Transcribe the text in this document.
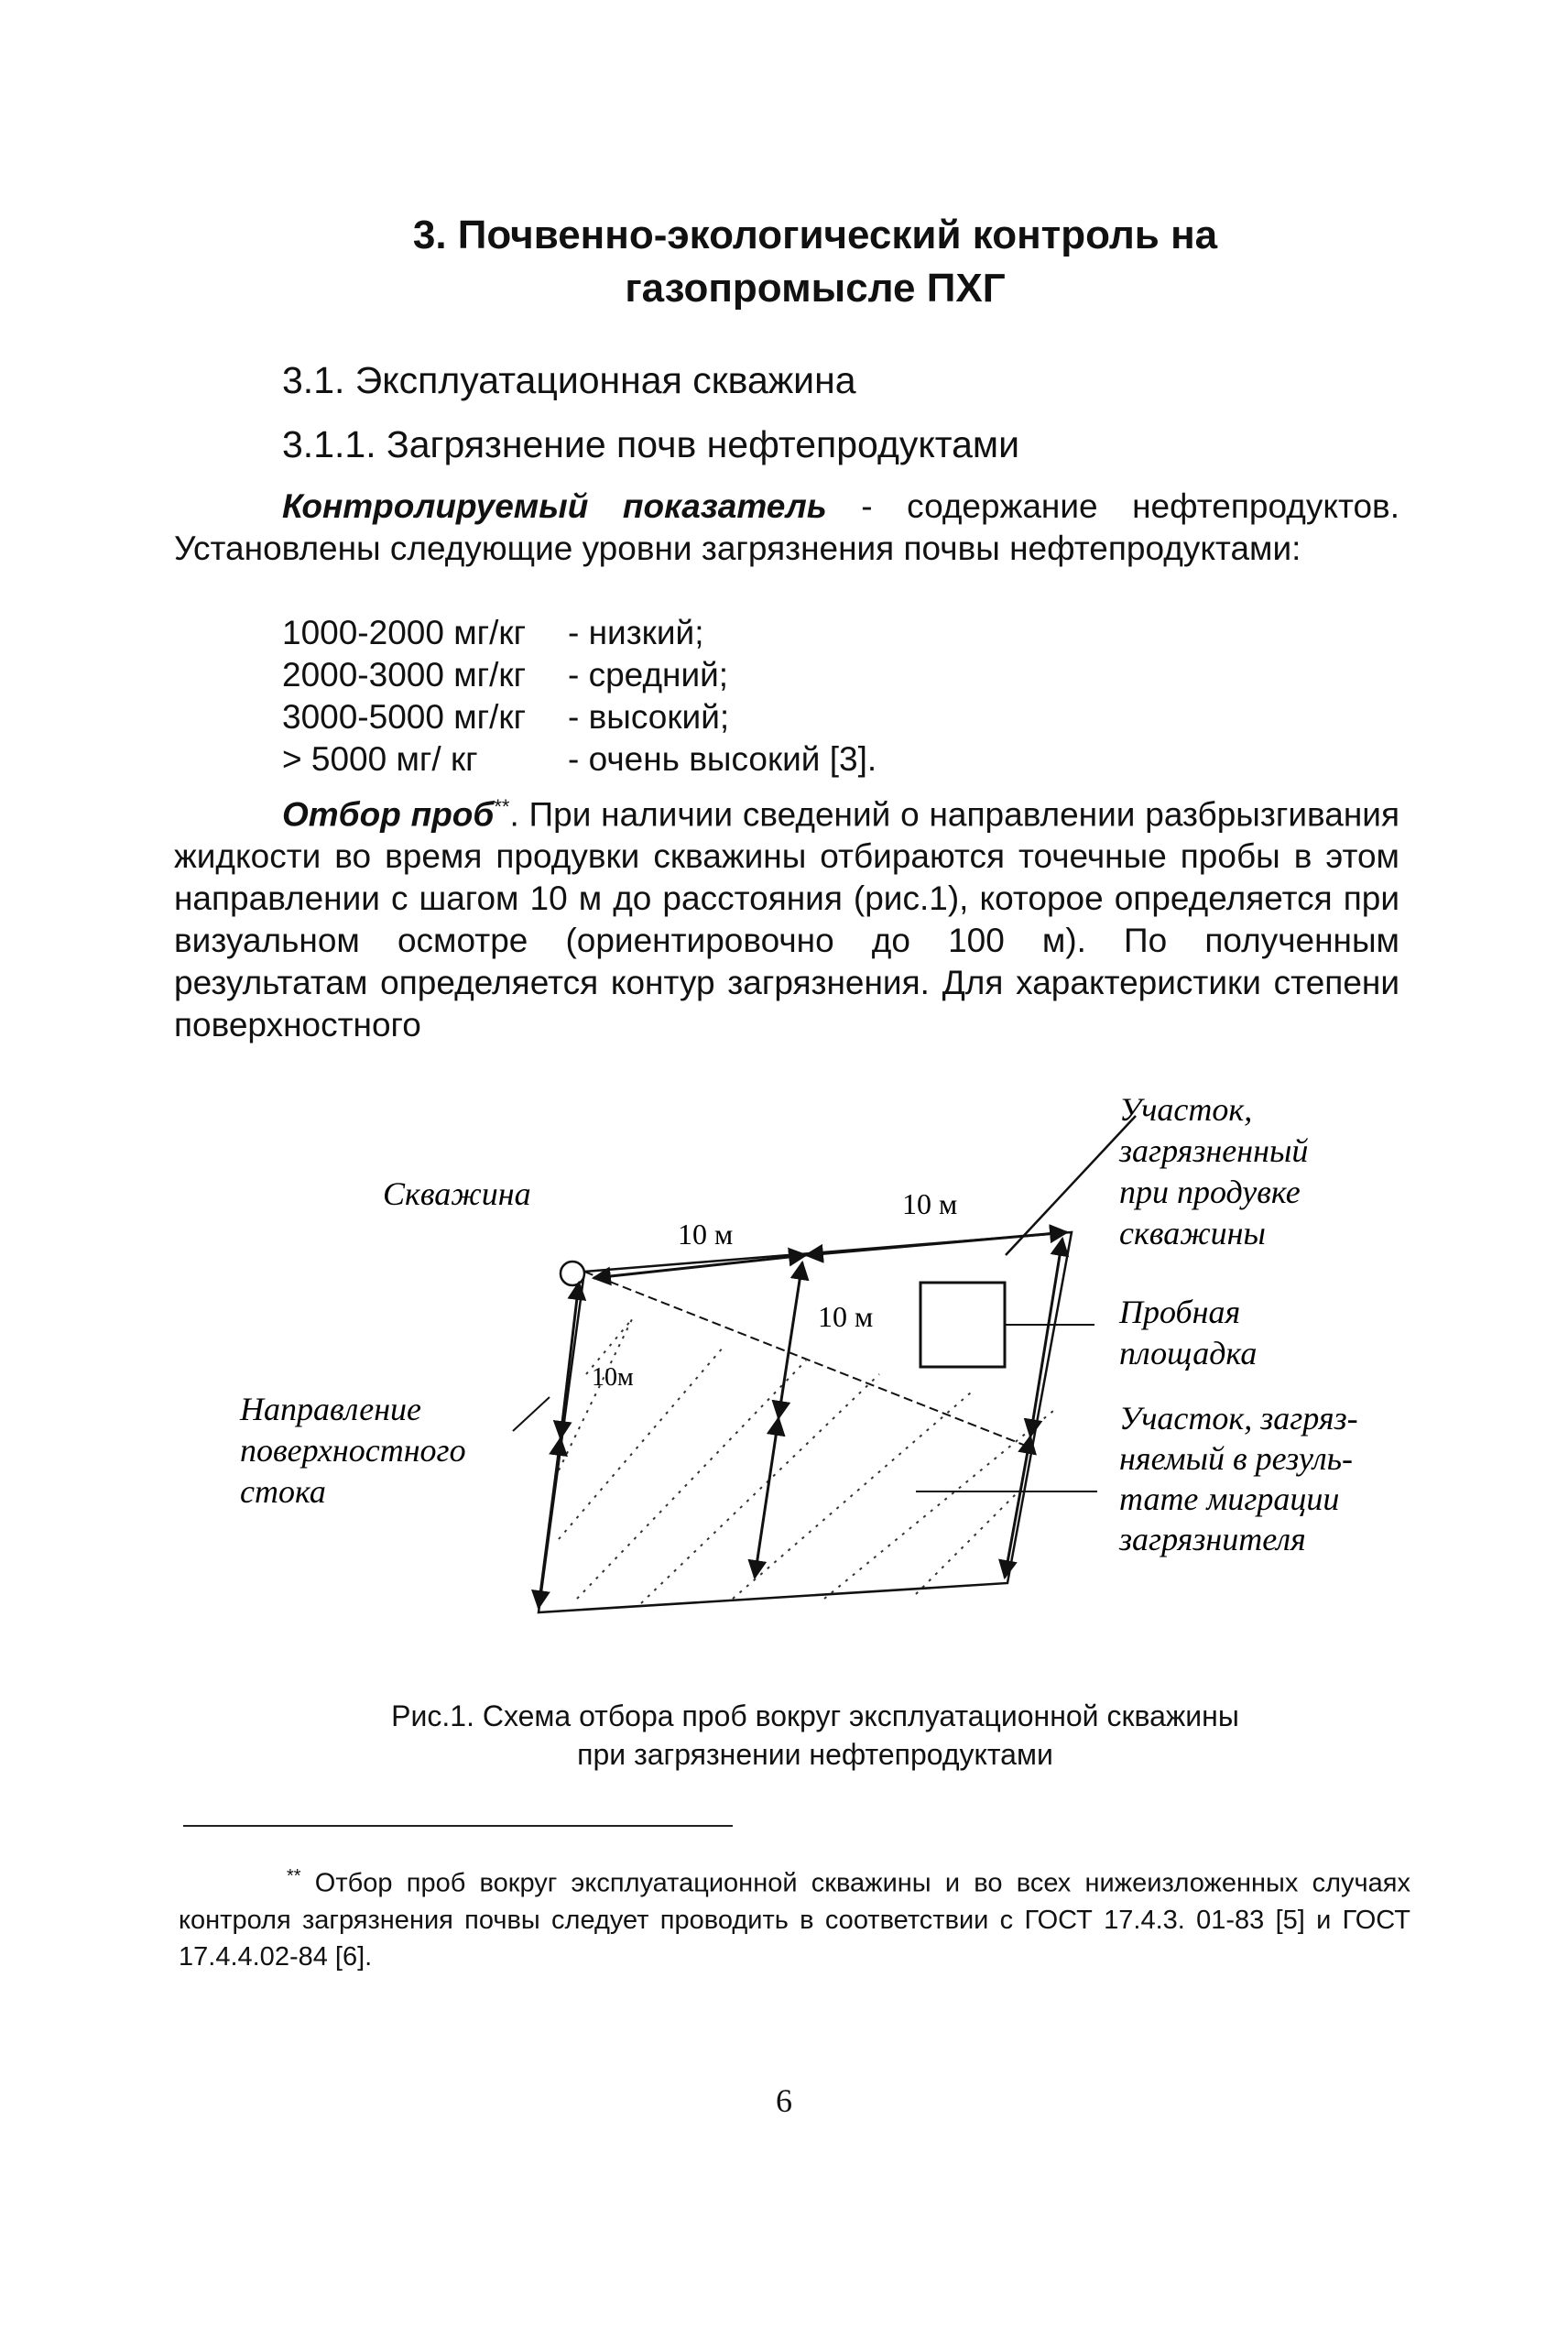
3. Почвенно-экологический контроль на
газопромысле ПХГ
3.1. Эксплуатационная скважина
3.1.1. Загрязнение почв нефтепродуктами
Контролируемый показатель - содержание нефтепродуктов. Установлены следующие уровни загрязнения почвы нефтепродуктами:
1000-2000 мг/кг	- низкий;
2000-3000 мг/кг	- средний;
3000-5000 мг/кг	- высокий;
> 5000 мг/ кг	- очень высокий [3].
Отбор проб**. При наличии сведений о направлении разбрызгивания жидкости во время продувки скважины отбираются точечные пробы в этом направлении с шагом 10 м до расстояния (рис.1), которое определяется при визуальном осмотре (ориентировочно до 100 м). По полученным результатам определяется контур загрязнения. Для характеристики степени поверхностного
Скважина
10 м
10 м
10 м
10м
Участок,
загрязненный
при продувке
скважины
Пробная
площадка
Участок, загряз-
няемый в резуль-
тате миграции
загрязнителя
Направление
поверхностного
стока
Рис.1. Схема отбора проб вокруг эксплуатационной скважины
при загрязнении нефтепродуктами
** Отбор проб вокруг эксплуатационной скважины и во всех нижеизложенных случаях контроля загрязнения почвы следует проводить в соответствии с ГОСТ 17.4.3. 01-83 [5] и ГОСТ 17.4.4.02-84 [6].
6
